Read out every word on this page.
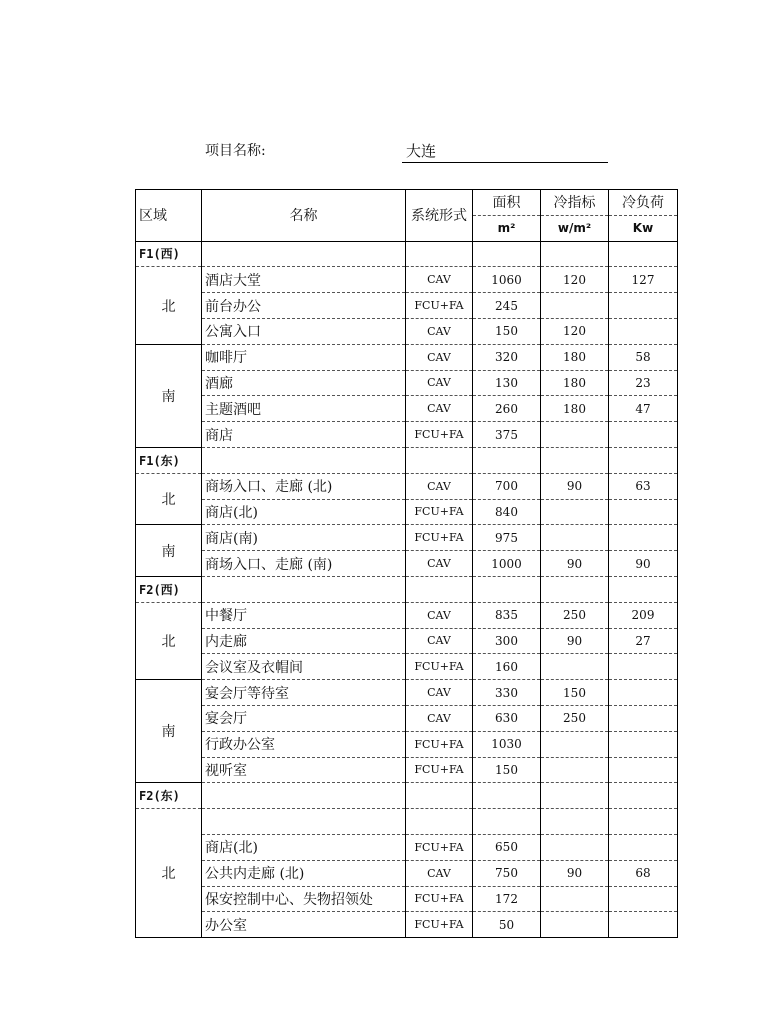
项目名称:	大连
区域	名称	系统形式	面积	冷指标	冷负荷
			m²	w/m²	Kw
F1(西)					
北	酒店大堂	CAV	1060	120	127
	前台办公	FCU+FA	245		
	公寓入口	CAV	150	120	
南	咖啡厅	CAV	320	180	58
	酒廊	CAV	130	180	23
	主题酒吧	CAV	260	180	47
	商店	FCU+FA	375		
F1(东)					
北	商场入口、走廊 (北)	CAV	700	90	63
	商店(北)	FCU+FA	840		
南	商店(南)	FCU+FA	975		
	商场入口、走廊 (南)	CAV	1000	90	90
F2(西)					
北	中餐厅	CAV	835	250	209
	内走廊	CAV	300	90	27
	会议室及衣帽间	FCU+FA	160		
南	宴会厅等待室	CAV	330	150	
	宴会厅	CAV	630	250	
	行政办公室	FCU+FA	1030		
	视听室	FCU+FA	150		
F2(东)					
北					
	商店(北)	FCU+FA	650		
	公共内走廊 (北)	CAV	750	90	68
	保安控制中心、失物招领处	FCU+FA	172		
	办公室	FCU+FA	50		
